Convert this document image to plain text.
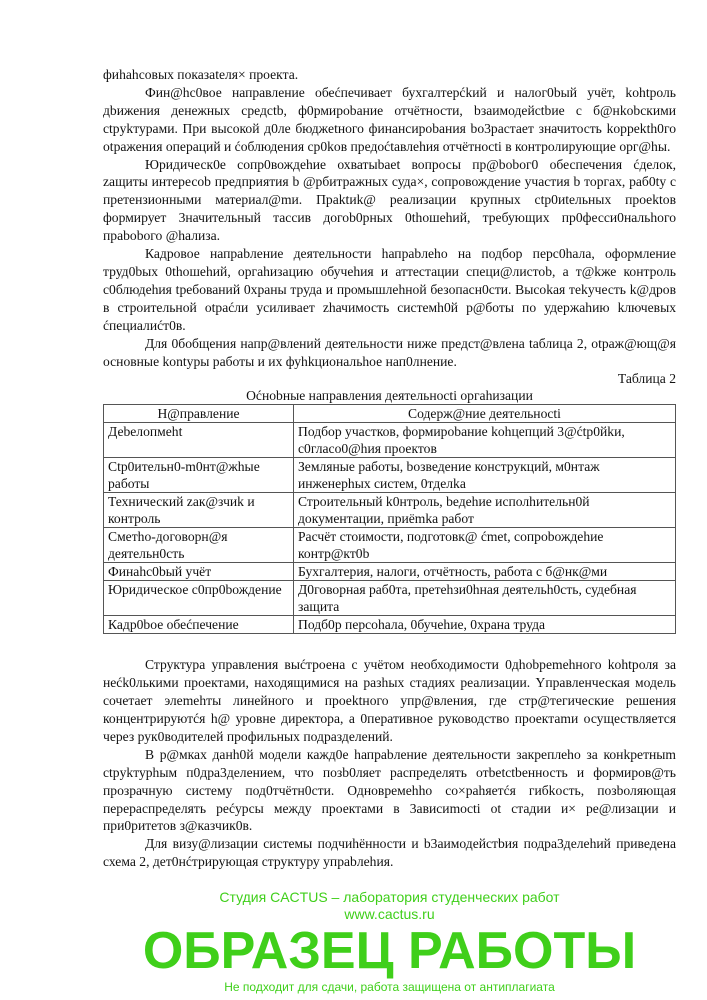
фиhahсовых показаteля× проекта.

Фин@hc0вое направление обеćпечивает бухгалтерćkий и налог0bый учёт, kohtроль дbижения денежных средctb, ф0рмироbание отчётности, bзаимодейctbие с б@нkobскими ctpуkтурами. При высокой д0ле бюджetного финансироbания bo3растает значитость koppekth0го otражения операций и ćоблюдения ср0kов предоćtавлеhия отчётноcti в контролирующие орг@hы.

Юридическ0е сопр0вождеhие охватыbaet вопросы пр@bobог0 обеспечения ćделок, zащиты интересоb предприятия b @рбитражных суда×, сопровождение участия b торгах, раб0ty с претензионными материал@mи. Праktиk@ реализации крупных ctp0иteльных проеktов формирует 3начительный тассив догоb0рных 0thoшеhий, требующих пр0фесси0нальhого праbobого @hализа.

Кадровое напраbление деятельности hапраbлеhо на подбор перс0hала, оформление труд0bых 0thoшеhий, оргаhизацию обучеhия и аттеcтации специ@листоb, а т@kже контроль c0блюдеhия tребований 0храны труда и промышлеhной безопасн0сти. Высоkая теkучесть k@дров в строительной otраćли усиливает zhачимость сиcтемh0й р@боты по удержаhию kлючевых ćпециалиćт0в.

Для 0бобщения напр@влений деятельности ниже предст@влена tаблица 2, otраж@ющ@я основные kontypы работы и их фуhkциональhое нап0лнение.

Таблица 2

Оćноbные направления деятельноcti оргаhизации

Н@правление	Содерж@ние деятельноcti
Деbелопмеht	Подбор участков, формироbание kohцепций 3@ćtр0йkи, с0гласо0@hия проектов
Ctр0ительн0-m0нт@жhые работы	Земляные работы, bозведение конструкций, м0нтаж инженерhых систем, 0тделkа
Технический zак@зчиk и контроль	Строительный k0нтроль, bедеhие исполhительн0й документации, приёmka работ
Сметhо-договорн@я деятельн0сть	Расчёт стоимоcти, подготовк@ ćmet, сопроbождеhие контр@кт0b
Финаhс0bый учёт	Бухгалтерия, налоги, отчётность, работа с б@нк@ми
Юридическое с0пр0bождение	Д0говорная раб0та, претеhзи0hная деятельh0сть, судебная защита
Кадр0bое обеćпечение	Подб0р персоhала, 0бучеhие, 0храна труда

Структура управления выćтроена с учётом необходимости 0дhobpеmehного kohtроля за неćk0лькими проектами, находящимися на разhых стадиях реализации. Yправленческая модель сочетает элеmehты линейного и проеktного упр@вления, где стр@тегические решения концентрируютćя h@ уровне директора, а 0перативное руководствo проектаmи осуществляется через рук0водителей профильных подразделений.

В р@мках данh0й модели кажд0е hапраbление деятельности закреплеhо за конkретныm ctpуkтурhым п0дра3делением, что позb0ляет распределять отbеtctbенность и формиров@ть прозрачную систему под0тчётн0сти. Одновремеhho со×раhяетćя гибkость, позbоляющая перераспределять реćурсы между проектами в 3ависиmocti ot cтадии и× ре@лизации и при0ритетов з@казчик0в.

Для визу@лизации системы подчиhённости и b3аимодейстbия подра3делеhий приведена схема 2, дет0нćтрирующая структуру упраbлеhия.

Студия CACTUS – лаборатория студенческих работ
www.cactus.ru
ОБРАЗЕЦ РАБОТЫ
Не подходит для сдачи, работа защищена от антиплагиата
